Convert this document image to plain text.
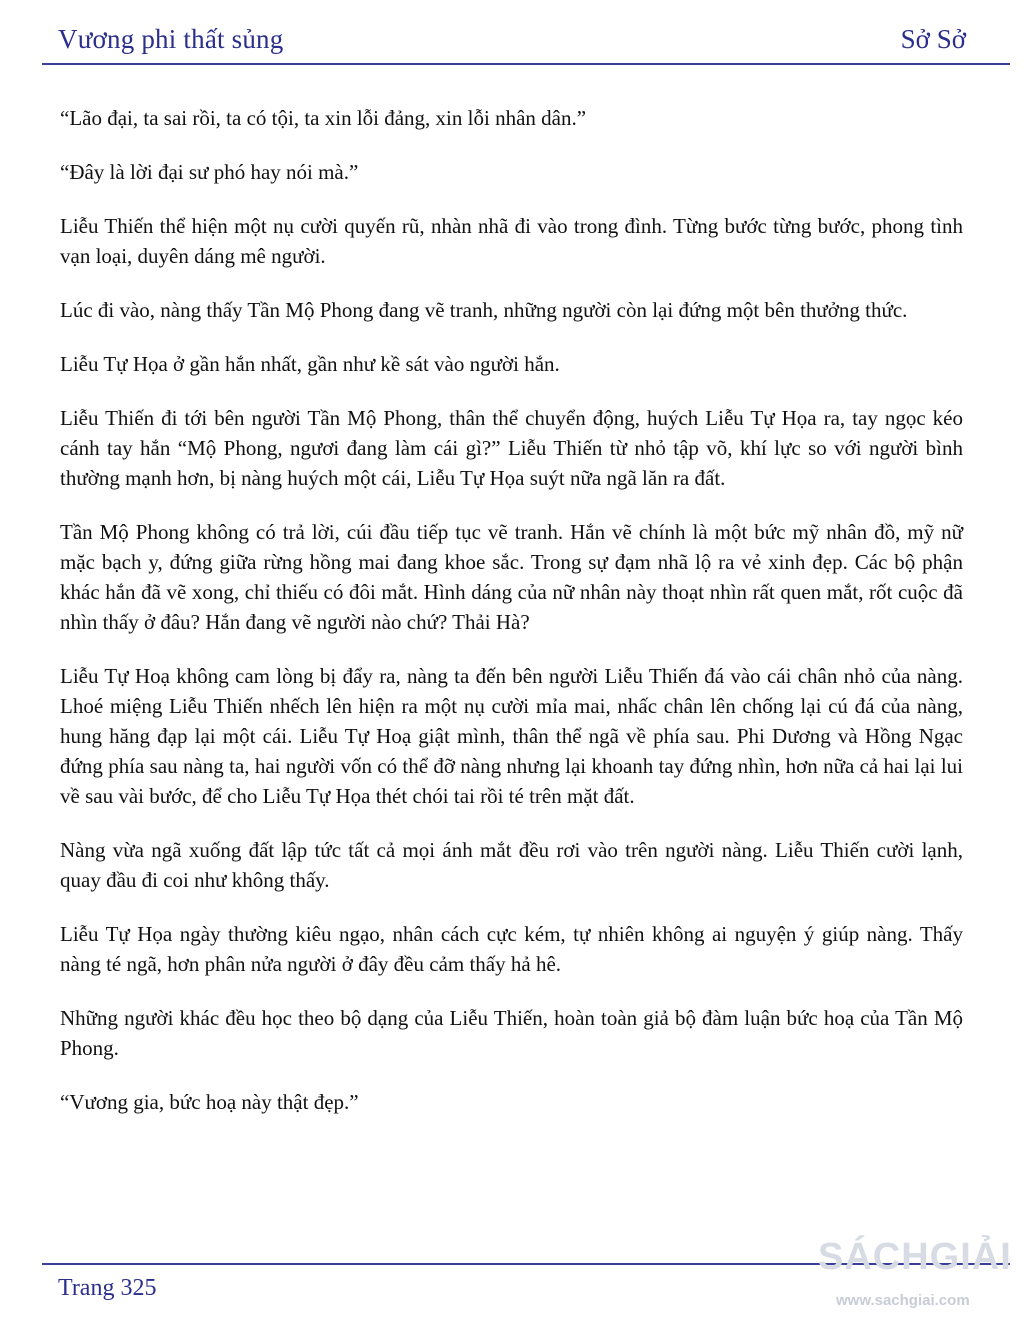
Vương phi thất sủng	Sở Sở

“Lão đại, ta sai rồi, ta có tội, ta xin lỗi đảng, xin lỗi nhân dân.”

“Đây là lời đại sư phó hay nói mà.”

Liễu Thiến thể hiện một nụ cười quyến rũ, nhàn nhã đi vào trong đình. Từng bước từng bước, phong tình vạn loại, duyên dáng mê người.

Lúc đi vào, nàng thấy Tần Mộ Phong đang vẽ tranh, những người còn lại đứng một bên thưởng thức.

Liễu Tự Họa ở gần hắn nhất, gần như kề sát vào người hắn.

Liễu Thiến đi tới bên người Tần Mộ Phong, thân thể chuyển động, huých Liễu Tự Họa ra, tay ngọc kéo cánh tay hắn “Mộ Phong, ngươi đang làm cái gì?” Liễu Thiến từ nhỏ tập võ, khí lực so với người bình thường mạnh hơn, bị nàng huých một cái, Liễu Tự Họa suýt nữa ngã lăn ra đất.

Tần Mộ Phong không có trả lời, cúi đầu tiếp tục vẽ tranh. Hắn vẽ chính là một bức mỹ nhân đồ, mỹ nữ mặc bạch y, đứng giữa rừng hồng mai đang khoe sắc. Trong sự đạm nhã lộ ra vẻ xinh đẹp. Các bộ phận khác hắn đã vẽ xong, chỉ thiếu có đôi mắt. Hình dáng của nữ nhân này thoạt nhìn rất quen mắt, rốt cuộc đã nhìn thấy ở đâu? Hắn đang vẽ người nào chứ? Thải Hà?

Liễu Tự Hoạ không cam lòng bị đẩy ra, nàng ta đến bên người Liễu Thiến đá vào cái chân nhỏ của nàng. Lhoé miệng Liễu Thiến nhếch lên hiện ra một nụ cười mỉa mai, nhấc chân lên chống lại cú đá của nàng, hung hăng đạp lại một cái. Liễu Tự Hoạ giật mình, thân thể ngã về phía sau. Phi Dương và Hồng Ngạc đứng phía sau nàng ta, hai người vốn có thể đỡ nàng nhưng lại khoanh tay đứng nhìn, hơn nữa cả hai lại lui về sau vài bước, để cho Liễu Tự Họa thét chói tai rồi té trên mặt đất.

Nàng vừa ngã xuống đất lập tức tất cả mọi ánh mắt đều rơi vào trên người nàng. Liễu Thiến cười lạnh, quay đầu đi coi như không thấy.

Liễu Tự Họa ngày thường kiêu ngạo, nhân cách cực kém, tự nhiên không ai nguyện ý giúp nàng. Thấy nàng té ngã, hơn phân nửa người ở đây đều cảm thấy hả hê.

Những người khác đều học theo bộ dạng của Liễu Thiến, hoàn toàn giả bộ đàm luận bức hoạ của Tần Mộ Phong.

“Vương gia, bức hoạ này thật đẹp.”

Trang 325
SÁCHGIẢI
www.sachgiai.com
